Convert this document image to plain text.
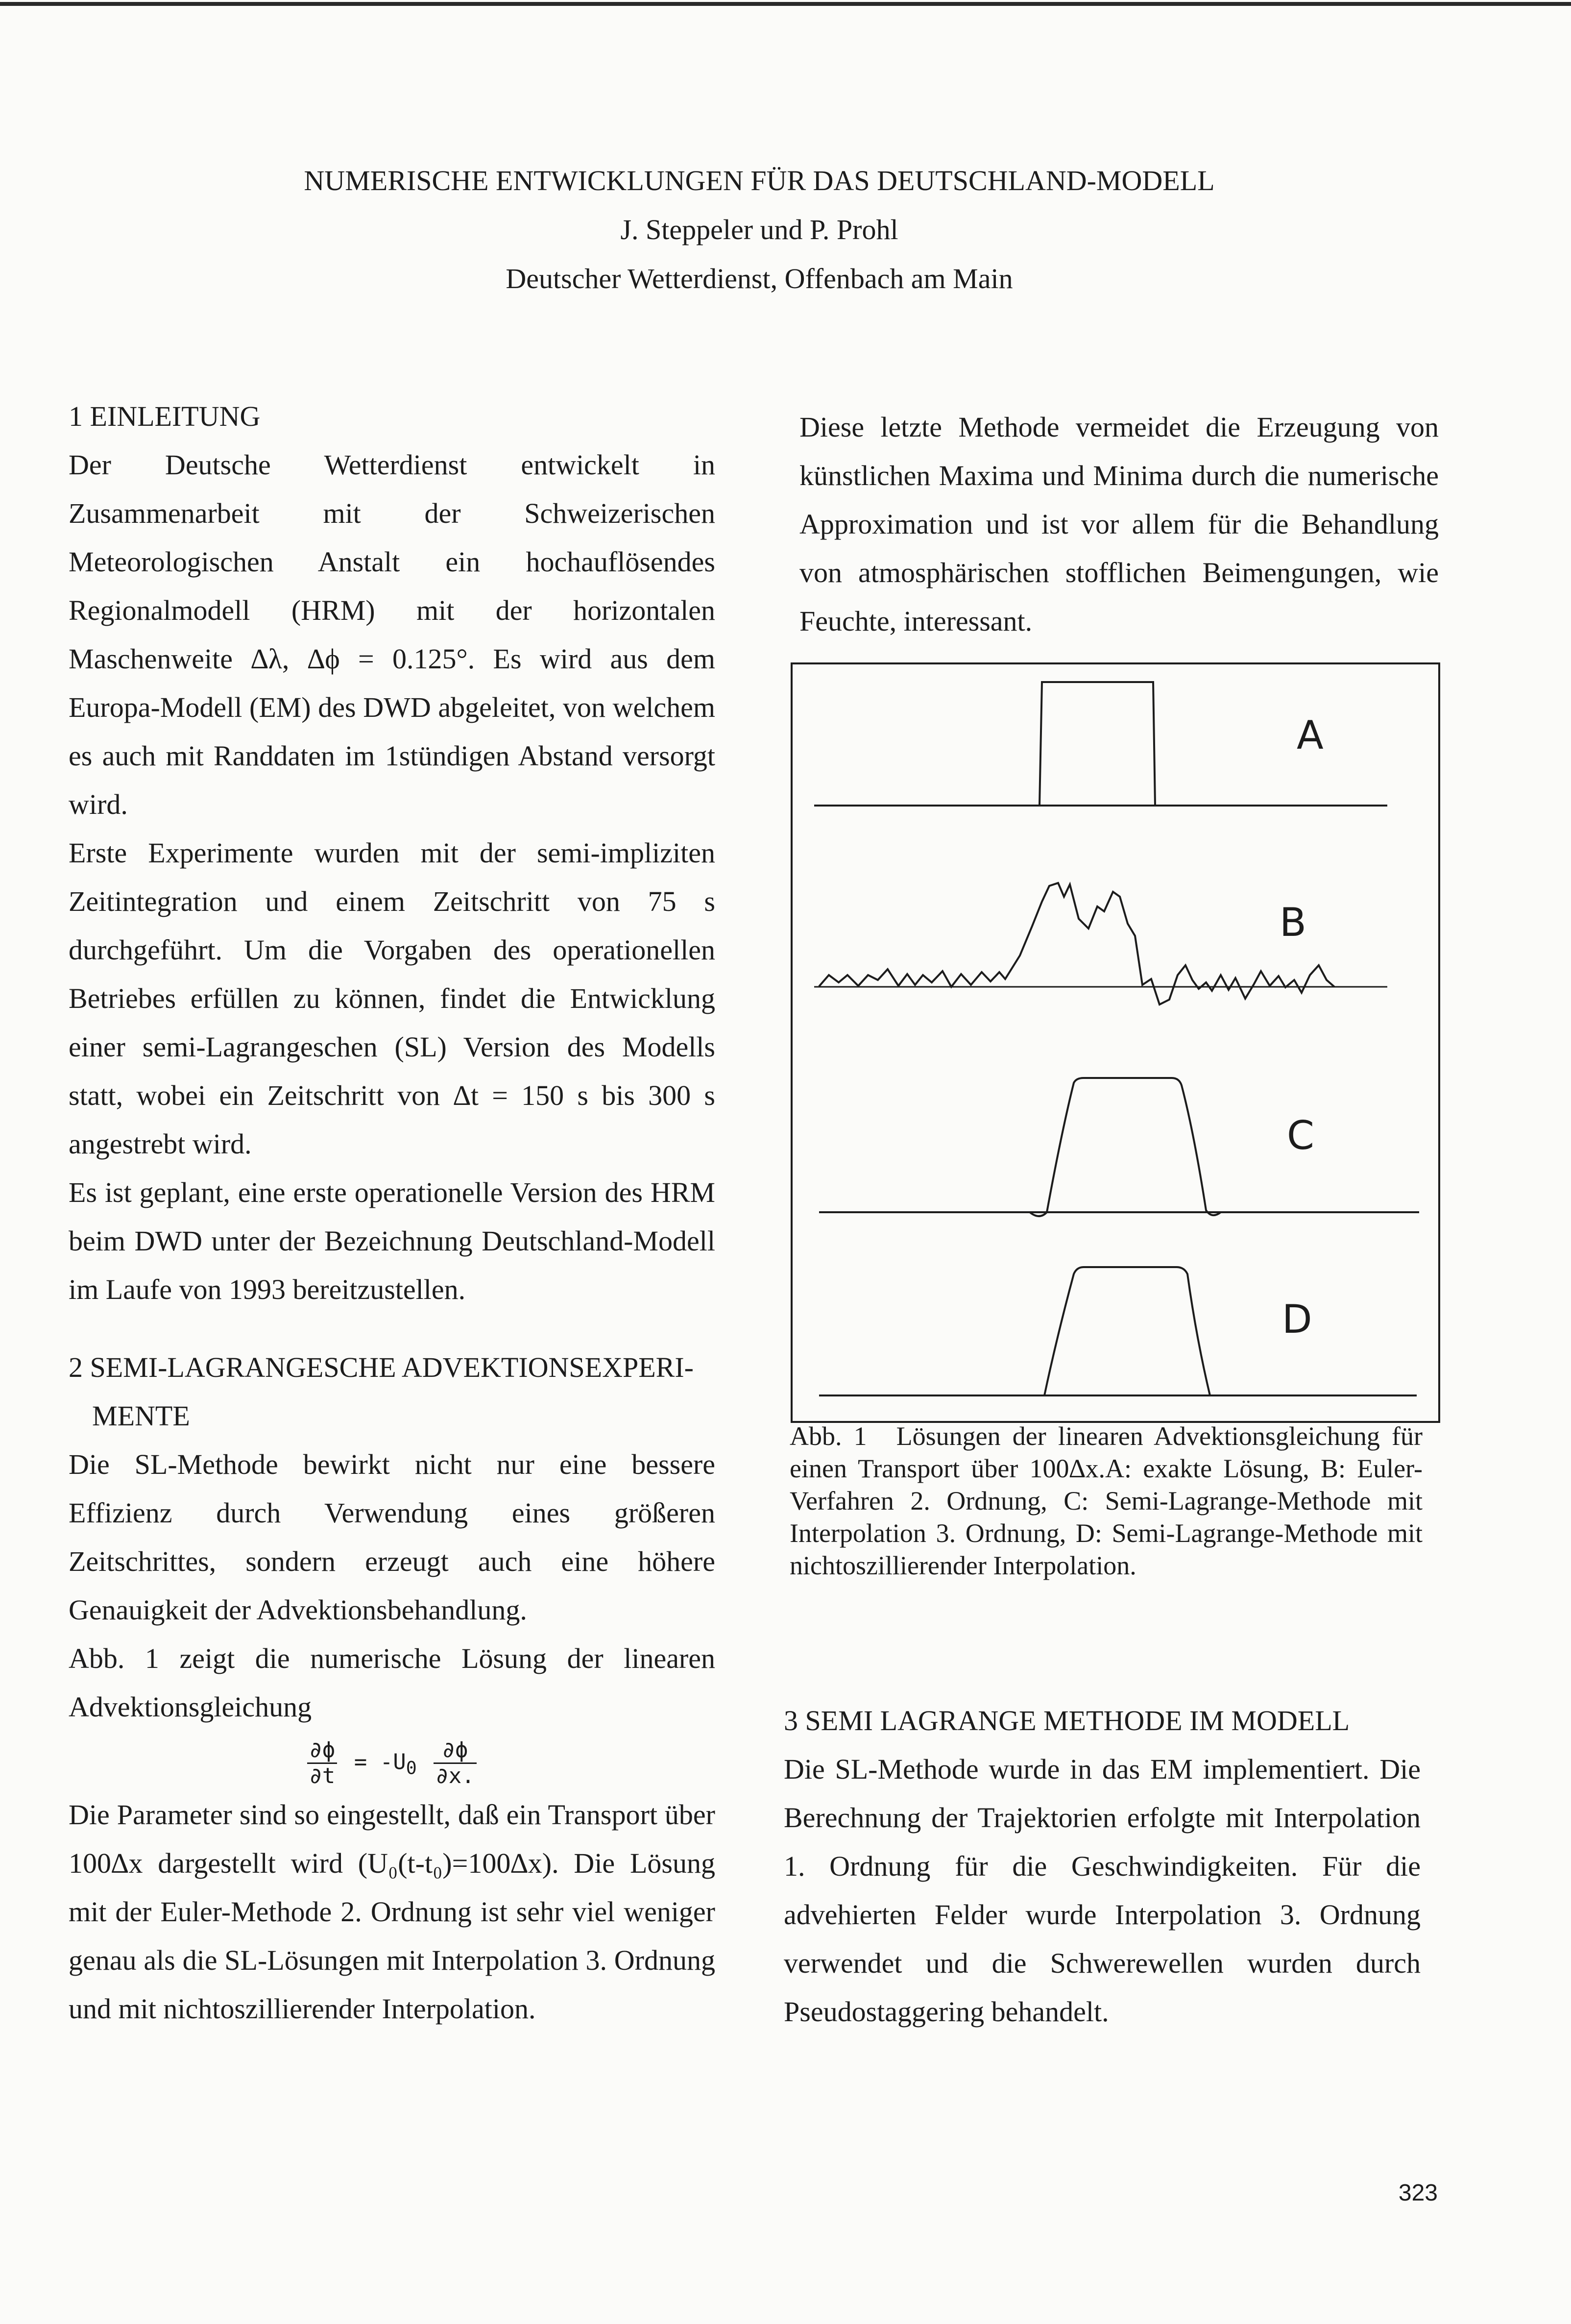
NUMERISCHE ENTWICKLUNGEN FÜR DAS DEUTSCHLAND-MODELL
J. Steppeler und P. Prohl
Deutscher Wetterdienst, Offenbach am Main
1 EINLEITUNG

Der Deutsche Wetterdienst entwickelt in Zusammenarbeit mit der Schweizerischen Meteorologischen Anstalt ein hochauflösendes Regionalmodell (HRM) mit der horizontalen Maschenweite ∆λ, ∆ϕ = 0.125°. Es wird aus dem Europa-Modell (EM) des DWD abgeleitet, von welchem es auch mit Randdaten im 1stündigen Abstand versorgt wird.

Erste Experimente wurden mit der semi-impliziten Zeitintegration und einem Zeitschritt von 75 s durchgeführt. Um die Vorgaben des operationellen Betriebes erfüllen zu können, findet die Entwicklung einer semi-Lagrangeschen (SL) Version des Modells statt, wobei ein Zeitschritt von ∆t = 150 s bis 300 s angestrebt wird.

Es ist geplant, eine erste operationelle Version des HRM beim DWD unter der Bezeichnung Deutschland-Modell im Laufe von 1993 bereitzustellen.

2 SEMI-LAGRANGESCHE ADVEKTIONSEXPERI-
MENTE

Die SL-Methode bewirkt nicht nur eine bessere Effizienz durch Verwendung eines größeren Zeitschrittes, sondern erzeugt auch eine höhere Genauigkeit der Advektionsbehandlung.

Abb. 1 zeigt die numerische Lösung der linearen Advektionsgleichung

$\frac{\partial\phi}{\partial t} = -U_0 \frac{\partial\phi}{\partial x.}$

Die Parameter sind so eingestellt, daß ein Transport über 100∆x dargestellt wird (U₀(t-t₀)=100∆x). Die Lösung mit der Euler-Methode 2. Ordnung ist sehr viel weniger genau als die SL-Lösungen mit Interpolation 3. Ordnung und mit nichtoszillierender Interpolation.

Diese letzte Methode vermeidet die Erzeugung von künstlichen Maxima und Minima durch die numerische Approximation und ist vor allem für die Behandlung von atmosphärischen stofflichen Beimengungen, wie Feuchte, interessant.

A
B
C
D
Abb. 1 Lösungen der linearen Advektionsgleichung für einen Transport über 100∆x.A: exakte Lösung, B: Euler-Verfahren 2. Ordnung, C: Semi-Lagrange-Methode mit Interpolation 3. Ordnung, D: Semi-Lagrange-Methode mit nichtoszillierender Interpolation.
3 SEMI LAGRANGE METHODE IM MODELL

Die SL-Methode wurde in das EM implementiert. Die Berechnung der Trajektorien erfolgte mit Interpolation 1. Ordnung für die Geschwindigkeiten. Für die advehierten Felder wurde Interpolation 3. Ordnung verwendet und die Schwerewellen wurden durch Pseudostaggering behandelt.

323
